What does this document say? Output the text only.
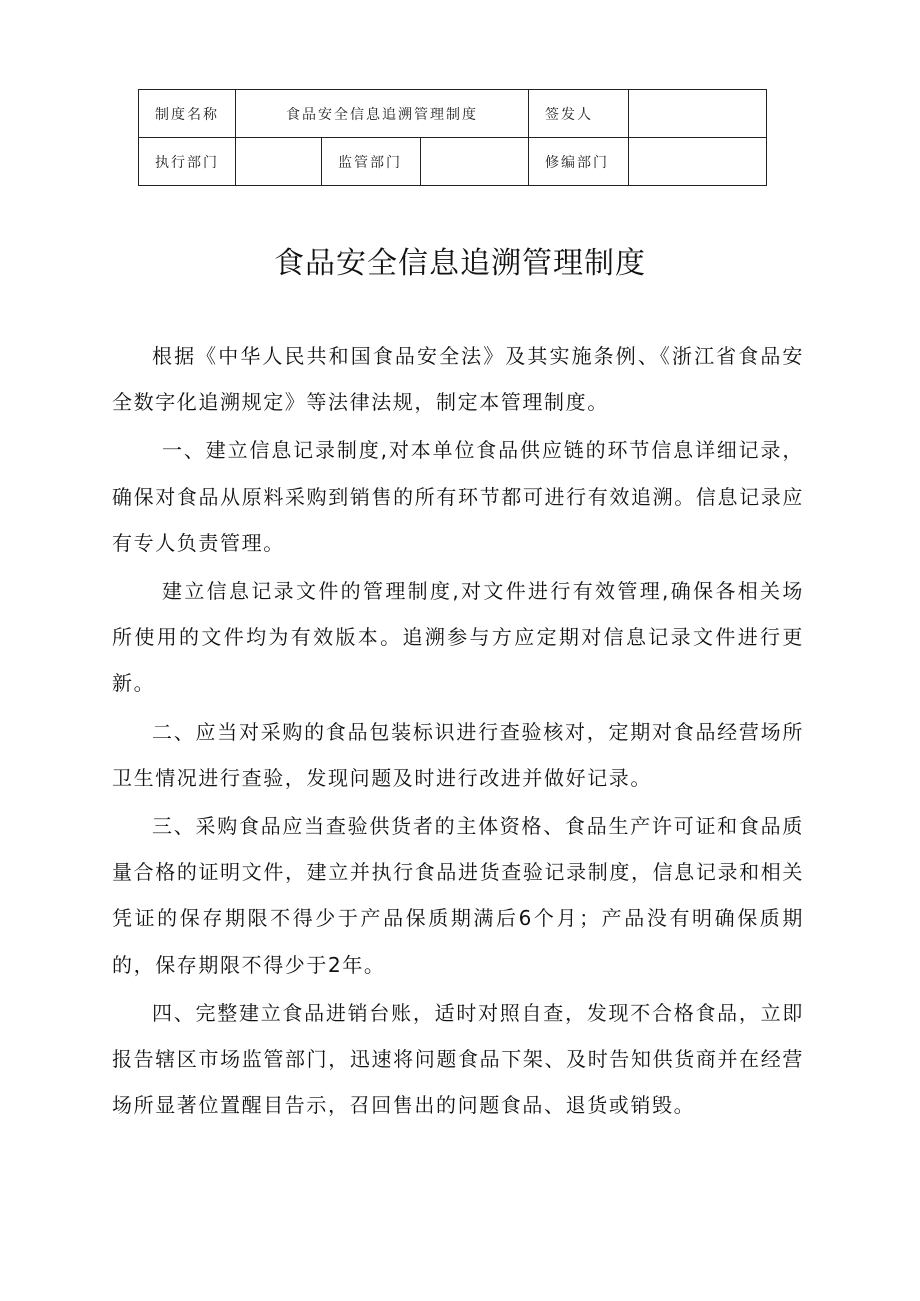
制度名称	食品安全信息追溯管理制度			签发人	
执行部门		监管部门		修编部门	
食品安全信息追溯管理制度

根据《中华人民共和国食品安全法》及其实施条例、《浙江省食品安全数字化追溯规定》等法律法规，制定本管理制度。

一、建立信息记录制度,对本单位食品供应链的环节信息详细记录，确保对食品从原料采购到销售的所有环节都可进行有效追溯。信息记录应有专人负责管理。

建立信息记录文件的管理制度,对文件进行有效管理,确保各相关场所使用的文件均为有效版本。追溯参与方应定期对信息记录文件进行更新。

二、应当对采购的食品包装标识进行查验核对，定期对食品经营场所卫生情况进行查验，发现问题及时进行改进并做好记录。

三、采购食品应当查验供货者的主体资格、食品生产许可证和食品质量合格的证明文件，建立并执行食品进货查验记录制度，信息记录和相关凭证的保存期限不得少于产品保质期满后6个月；产品没有明确保质期的，保存期限不得少于2年。

四、完整建立食品进销台账，适时对照自查，发现不合格食品，立即报告辖区市场监管部门，迅速将问题食品下架、及时告知供货商并在经营场所显著位置醒目告示，召回售出的问题食品、退货或销毁。
